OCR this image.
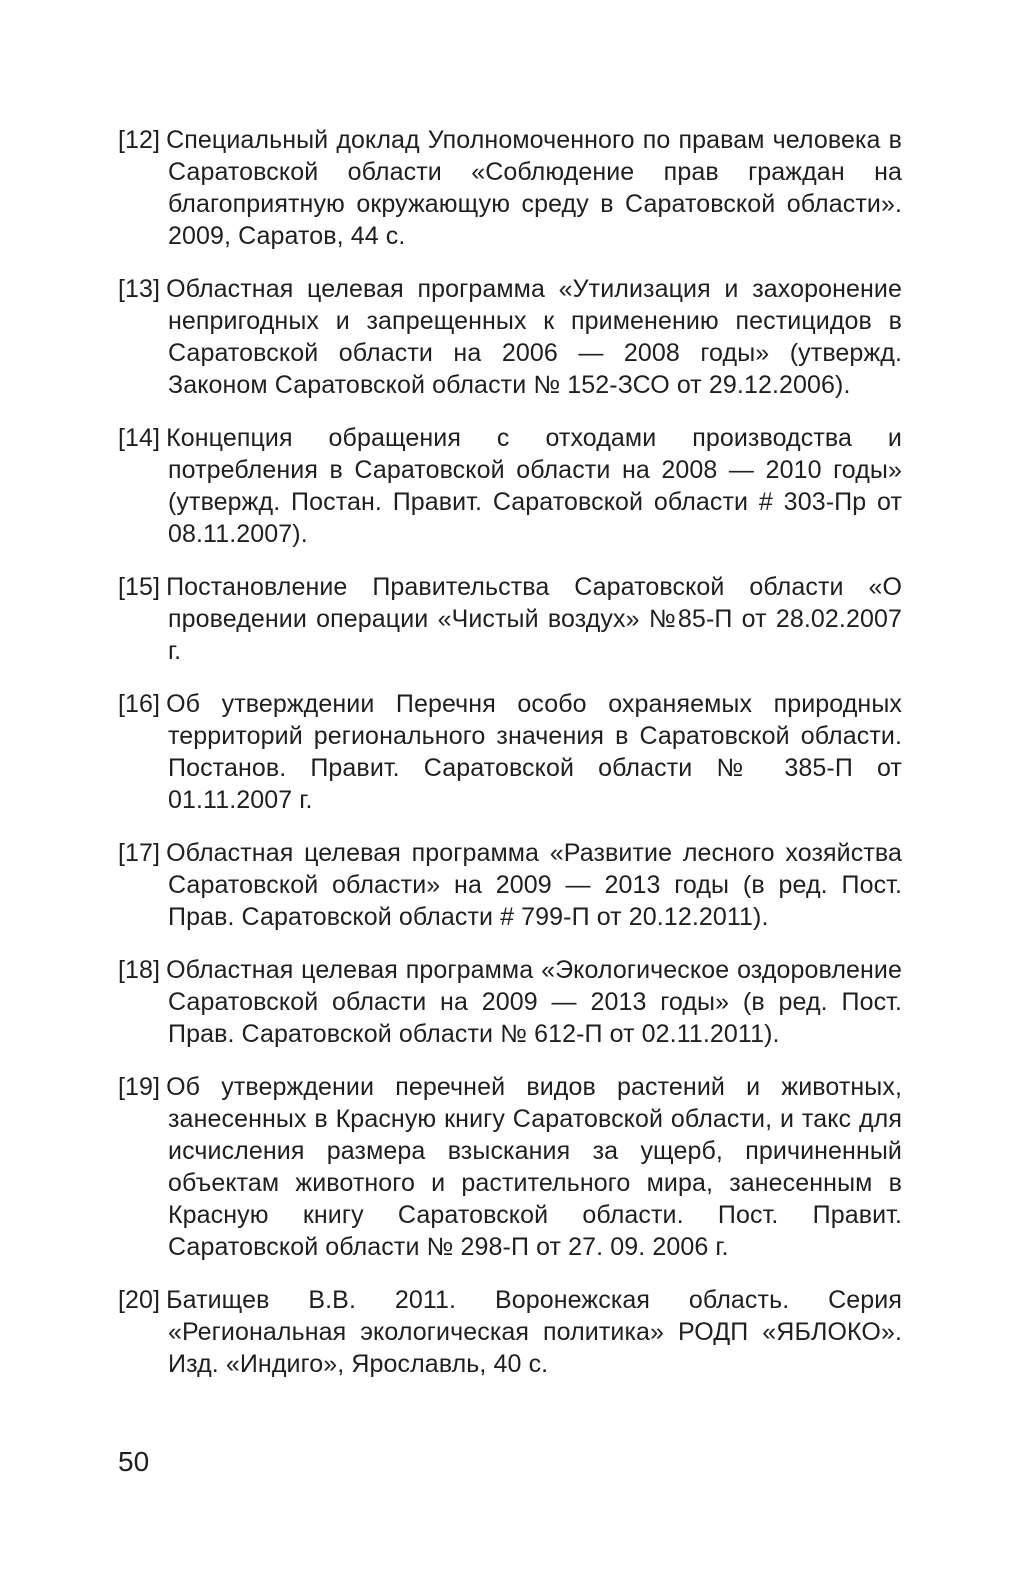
[12] Специальный доклад Уполномоченного по правам человека в Саратовской области «Соблюдение прав граждан на благоприятную окружающую среду в Саратовской области». 2009, Саратов, 44 с.
[13] Областная целевая программа «Утилизация и захоронение непригодных и запрещенных к применению пестицидов в Саратовской области на 2006 — 2008 годы» (утвержд. Законом Саратовской области № 152-ЗСО от 29.12.2006).
[14] Концепция обращения с отходами производства и потребления в Саратовской области на 2008 — 2010 годы» (утвержд. Постан. Правит. Саратовской области # 303-Пр от 08.11.2007).
[15] Постановление Правительства Саратовской области «О проведении операции «Чистый воздух» №85-П от 28.02.2007 г.
[16] Об утверждении Перечня особо охраняемых природных территорий регионального значения в Саратовской области. Постанов. Правит. Саратовской области № 385-П от 01.11.2007 г.
[17] Областная целевая программа «Развитие лесного хозяйства Саратовской области» на 2009 — 2013 годы (в ред. Пост. Прав. Саратовской области # 799-П от 20.12.2011).
[18] Областная целевая программа «Экологическое оздоровление Саратовской области на 2009 — 2013 годы» (в ред. Пост. Прав. Саратовской области № 612-П от 02.11.2011).
[19] Об утверждении перечней видов растений и животных, занесенных в Красную книгу Саратовской области, и такс для исчисления размера взыскания за ущерб, причиненный объектам животного и растительного мира, занесенным в Красную книгу Саратовской области. Пост. Правит. Саратовской области № 298-П от 27. 09. 2006 г.
[20] Батищев В.В. 2011. Воронежская область. Серия «Региональная экологическая политика» РОДП «ЯБЛОКО». Изд. «Индиго», Ярославль, 40 с.
50
